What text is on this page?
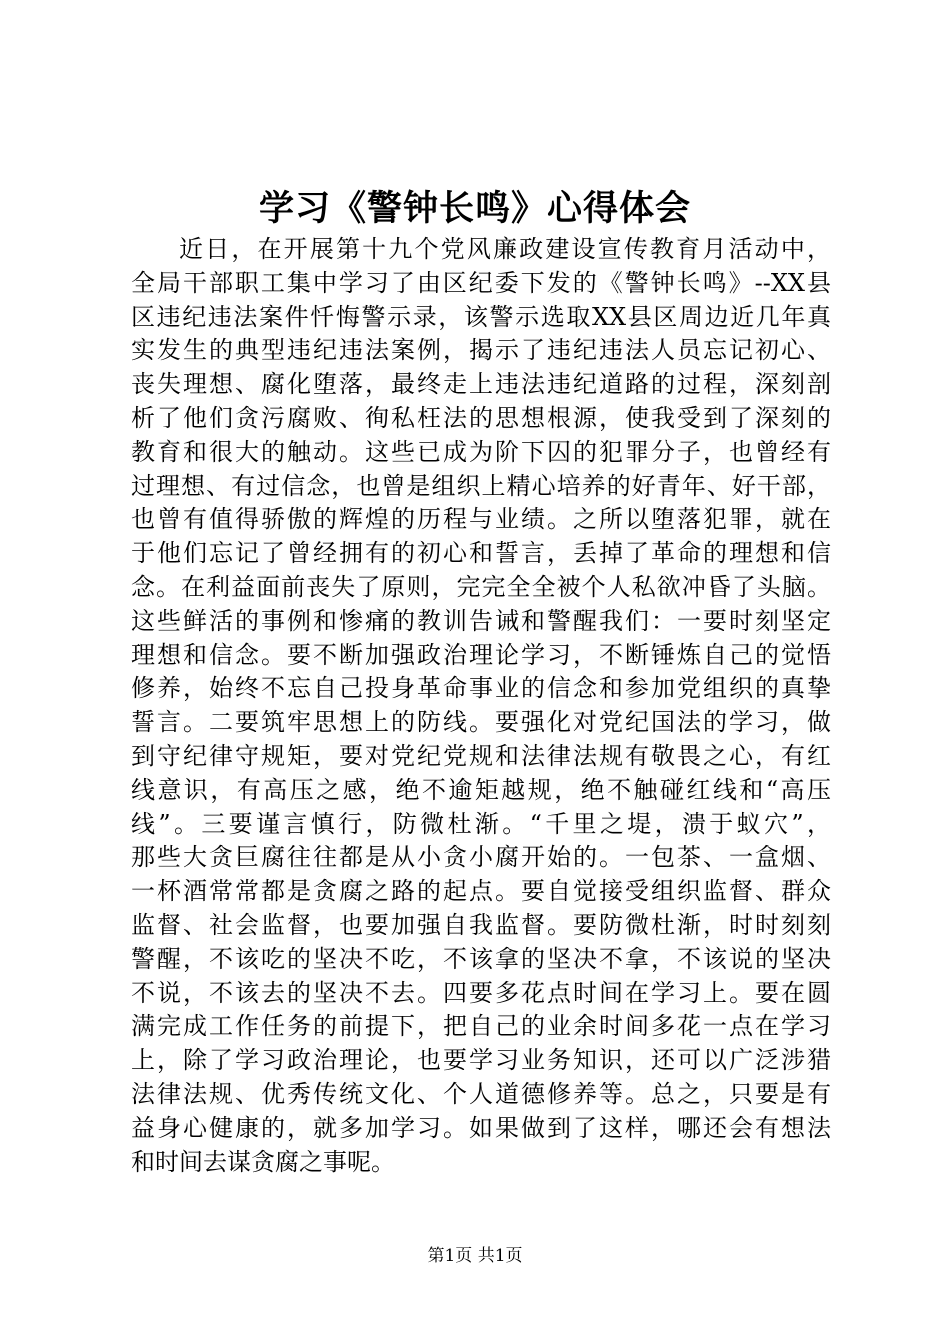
学习《警钟长鸣》心得体会
近日，在开展第十九个党风廉政建设宣传教育月活动中，
全局干部职工集中学习了由区纪委下发的《警钟长鸣》--XX县
区违纪违法案件忏悔警示录，该警示选取XX县区周边近几年真
实发生的典型违纪违法案例，揭示了违纪违法人员忘记初心、
丧失理想、腐化堕落，最终走上违法违纪道路的过程，深刻剖
析了他们贪污腐败、徇私枉法的思想根源，使我受到了深刻的
教育和很大的触动。这些已成为阶下囚的犯罪分子，也曾经有
过理想、有过信念，也曾是组织上精心培养的好青年、好干部，
也曾有值得骄傲的辉煌的历程与业绩。之所以堕落犯罪，就在
于他们忘记了曾经拥有的初心和誓言，丢掉了革命的理想和信
念。在利益面前丧失了原则，完完全全被个人私欲冲昏了头脑。
这些鲜活的事例和惨痛的教训告诫和警醒我们：一要时刻坚定
理想和信念。要不断加强政治理论学习，不断锤炼自己的觉悟
修养，始终不忘自己投身革命事业的信念和参加党组织的真挚
誓言。二要筑牢思想上的防线。要强化对党纪国法的学习，做
到守纪律守规矩，要对党纪党规和法律法规有敬畏之心，有红
线意识，有高压之感，绝不逾矩越规，绝不触碰红线和“高压
线”。三要谨言慎行，防微杜渐。“千里之堤，溃于蚁穴”，
那些大贪巨腐往往都是从小贪小腐开始的。一包茶、一盒烟、
一杯酒常常都是贪腐之路的起点。要自觉接受组织监督、群众
监督、社会监督，也要加强自我监督。要防微杜渐，时时刻刻
警醒，不该吃的坚决不吃，不该拿的坚决不拿，不该说的坚决
不说，不该去的坚决不去。四要多花点时间在学习上。要在圆
满完成工作任务的前提下，把自己的业余时间多花一点在学习
上，除了学习政治理论，也要学习业务知识，还可以广泛涉猎
法律法规、优秀传统文化、个人道德修养等。总之，只要是有
益身心健康的，就多加学习。如果做到了这样，哪还会有想法
和时间去谋贪腐之事呢。
第1页 共1页
